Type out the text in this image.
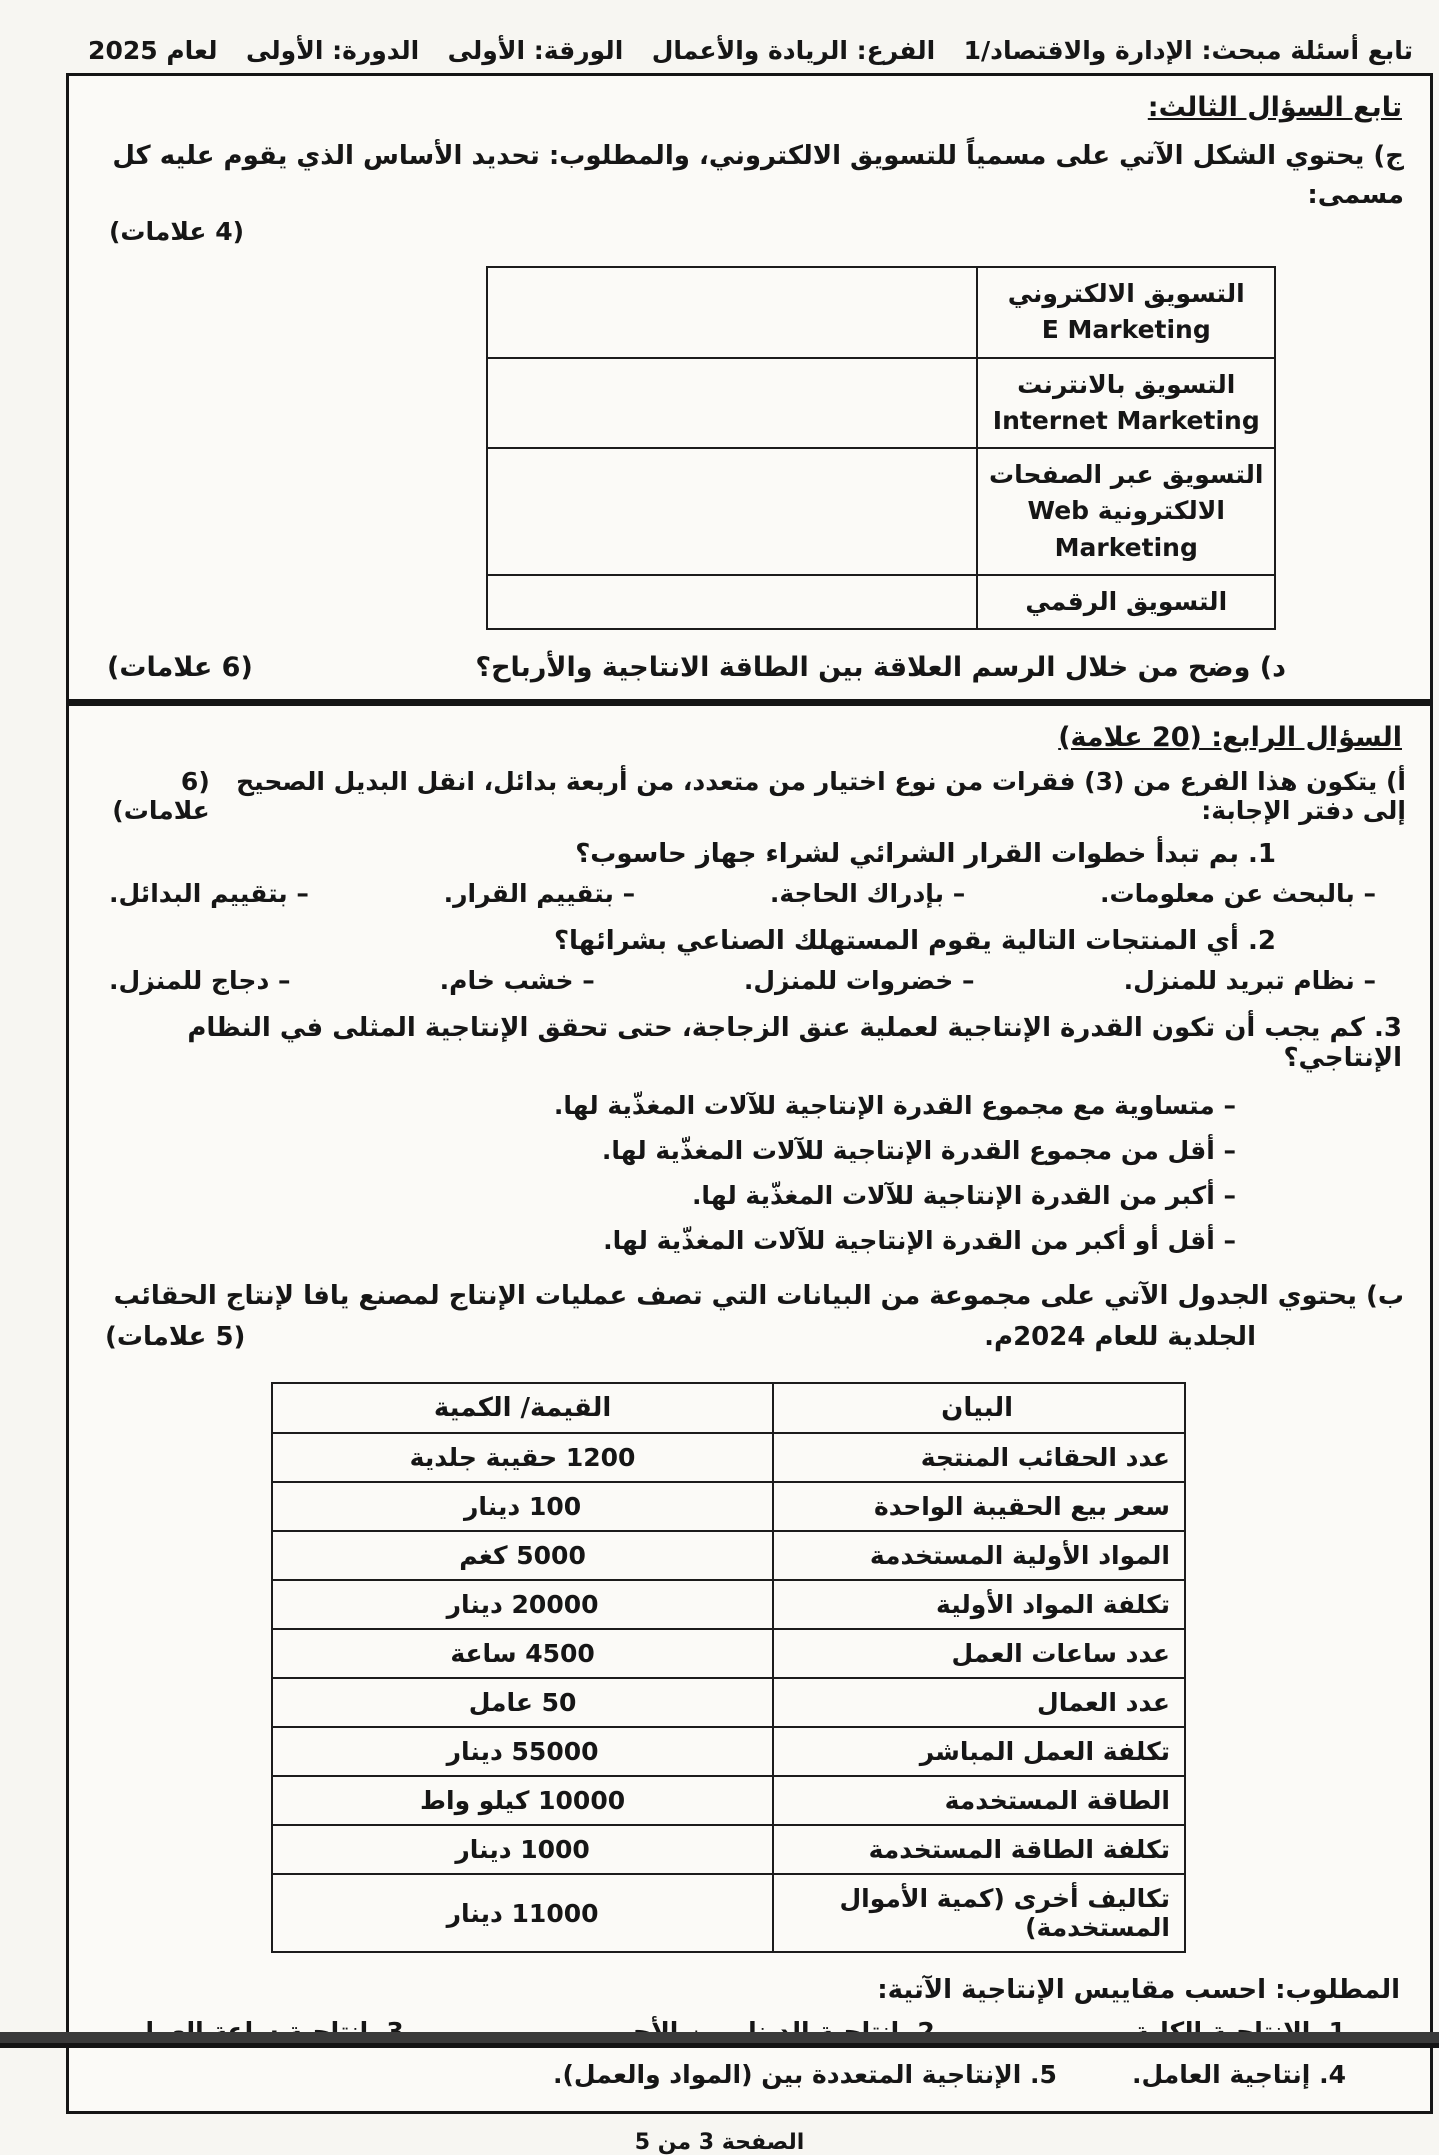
تابع أسئلة مبحث: الإدارة والاقتصاد/1
الفرع: الريادة والأعمال
الورقة: الأولى
الدورة: الأولى
لعام 2025
تابع السؤال الثالث:
ج) يحتوي الشكل الآتي على مسمياً للتسويق الالكتروني، والمطلوب: تحديد الأساس الذي يقوم عليه كل مسمى:
(4 علامات)
التسويق الالكتروني
E Marketing	

التسويق بالانترنت
Internet Marketing	

التسويق عبر الصفحات
الالكترونية Web Marketing	

التسويق الرقمي	

د) وضح من خلال الرسم العلاقة بين الطاقة الانتاجية والأرباح؟
(6 علامات)
السؤال الرابع: (20 علامة)
أ) يتكون هذا الفرع من (3) فقرات من نوع اختيار من متعدد، من أربعة بدائل، انقل البديل الصحيح إلى دفتر الإجابة:
(6 علامات)
1. بم تبدأ خطوات القرار الشرائي لشراء جهاز حاسوب؟
– بالبحث عن معلومات.
– بإدراك الحاجة.
– بتقييم القرار.
– بتقييم البدائل.
2. أي المنتجات التالية يقوم المستهلك الصناعي بشرائها؟
– نظام تبريد للمنزل.
– خضروات للمنزل.
– خشب خام.
– دجاج للمنزل.
3. كم يجب أن تكون القدرة الإنتاجية لعملية عنق الزجاجة، حتى تحقق الإنتاجية المثلى في النظام الإنتاجي؟
– متساوية مع مجموع القدرة الإنتاجية للآلات المغذّية لها.
– أقل من مجموع القدرة الإنتاجية للآلات المغذّية لها.
– أكبر من القدرة الإنتاجية للآلات المغذّية لها.
– أقل أو أكبر من القدرة الإنتاجية للآلات المغذّية لها.
ب) يحتوي الجدول الآتي على مجموعة من البيانات التي تصف عمليات الإنتاج لمصنع يافا لإنتاج الحقائب
الجلدية للعام 2024م.
(5 علامات)
البيان	القيمة/ الكمية
عدد الحقائب المنتجة	1200 حقيبة جلدية
سعر بيع الحقيبة الواحدة	100 دينار
المواد الأولية المستخدمة	5000 كغم
تكلفة المواد الأولية	20000 دينار
عدد ساعات العمل	4500 ساعة
عدد العمال	50 عامل
تكلفة العمل المباشر	55000 دينار
الطاقة المستخدمة	10000 كيلو واط
تكلفة الطاقة المستخدمة	1000 دينار
تكاليف أخرى (كمية الأموال المستخدمة)	11000 دينار
المطلوب: احسب مقاييس الإنتاجية الآتية:
4. إنتاجية العامل.
5. الإنتاجية المتعددة بين (المواد والعمل).
الصفحة 3 من 5
